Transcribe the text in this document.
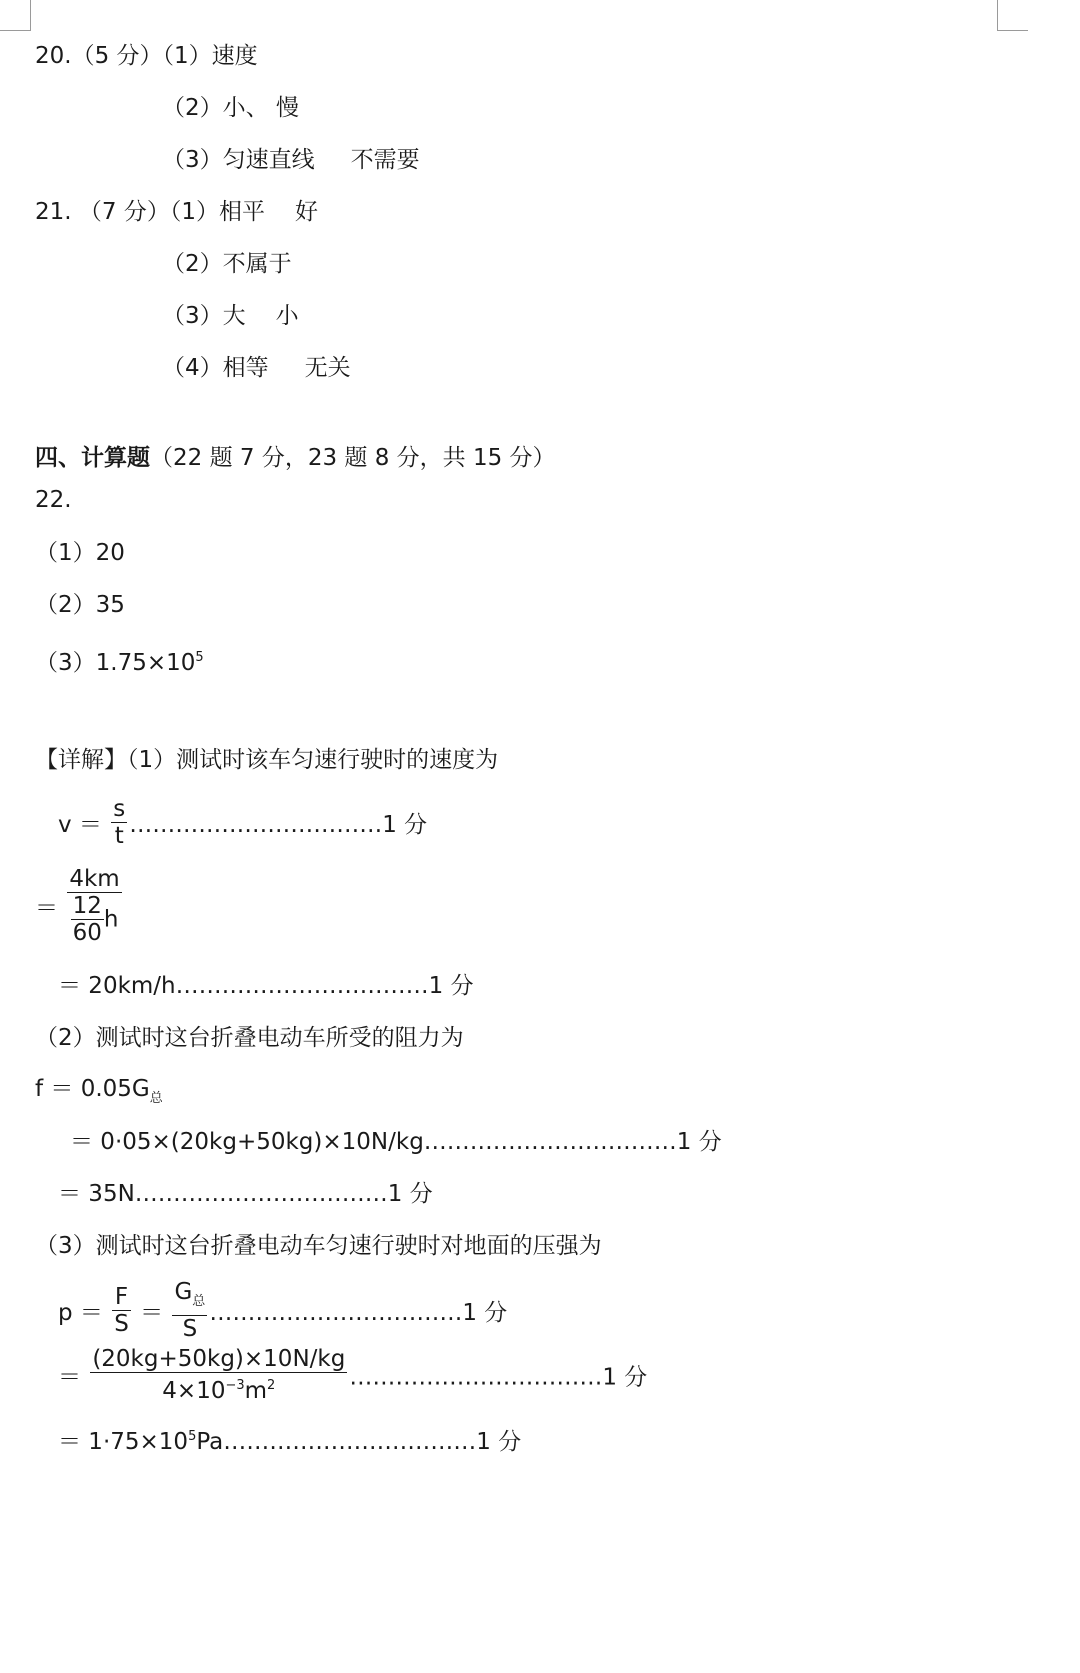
20.（5 分）（1）速度
（2）小、 慢
（3）匀速直线 不需要
21. （7 分）（1）相平 好
（2）不属于
（3）大 小
（4）相等 无关
四、计算题（22 题 7 分，23 题 8 分，共 15 分）
22.
（1）20
（2）35
$(3)1.75\times 10^5$
【详解】（1）测试时该车匀速行驶时的速度为
$v = \frac{s}{t}$ ……………………………1 分
＝ $\frac{4km}{\frac{12}{60} h}$
＝ 20km/h……………………………1 分
（2）测试时这台折叠电动车所受的阻力为
$f = 0.05G_总$
＝ 0·05×(20kg+50kg)×10N/kg……………………………1 分
＝ 35N……………………………1 分
（3）测试时这台折叠电动车匀速行驶时对地面的压强为
$p = \frac{F}{S} = \frac{G_总}{S}$ ……………………………1 分
＝ $\frac{(20kg+50kg)\times 10N/kg}{4\times 10^{-3}m^2}$ ……………………………1 分
＝ $1\cdot 75\times 10^5Pa\dots\dots\dots\dots\dots\dots\dots\dots\dots\dots\dots 1$ 分
